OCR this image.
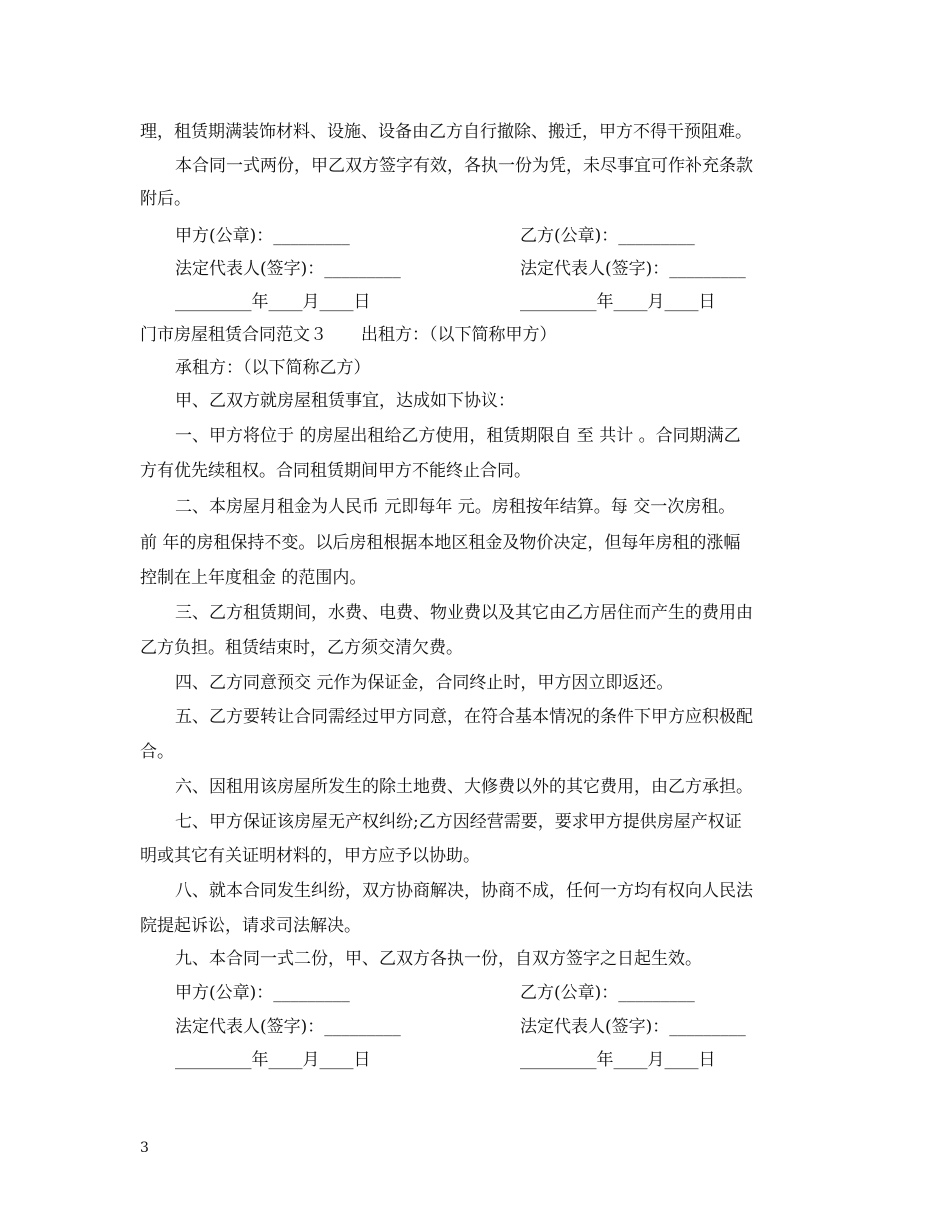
理，租赁期满装饰材料、设施、设备由乙方自行撤除、搬迁，甲方不得干预阻难。
本合同一式两份，甲乙双方签字有效，各执一份为凭，未尽事宜可作补充条款
附后。
甲方(公章)：_________	乙方(公章)：_________
法定代表人(签字)：_________	法定代表人(签字)：_________
_________年____月____日	_________年____月____日
门市房屋租赁合同范文３　　出租方：（以下简称甲方）
承租方：（以下简称乙方）
甲、乙双方就房屋租赁事宜，达成如下协议：
一、甲方将位于 的房屋出租给乙方使用，租赁期限自 至 共计 。合同期满乙
方有优先续租权。合同租赁期间甲方不能终止合同。
二、本房屋月租金为人民币 元即每年 元。房租按年结算。每 交一次房租。
前 年的房租保持不变。以后房租根据本地区租金及物价决定，但每年房租的涨幅
控制在上年度租金 的范围内。
三、乙方租赁期间，水费、电费、物业费以及其它由乙方居住而产生的费用由
乙方负担。租赁结束时，乙方须交清欠费。
四、乙方同意预交 元作为保证金，合同终止时，甲方因立即返还。
五、乙方要转让合同需经过甲方同意，在符合基本情况的条件下甲方应积极配
合。
六、因租用该房屋所发生的除土地费、大修费以外的其它费用，由乙方承担。
七、甲方保证该房屋无产权纠纷;乙方因经营需要，要求甲方提供房屋产权证
明或其它有关证明材料的，甲方应予以协助。
八、就本合同发生纠纷，双方协商解决，协商不成，任何一方均有权向人民法
院提起诉讼，请求司法解决。
九、本合同一式二份，甲、乙双方各执一份，自双方签字之日起生效。
甲方(公章)：_________	乙方(公章)：_________
法定代表人(签字)：_________	法定代表人(签字)：_________
_________年____月____日	_________年____月____日
3
